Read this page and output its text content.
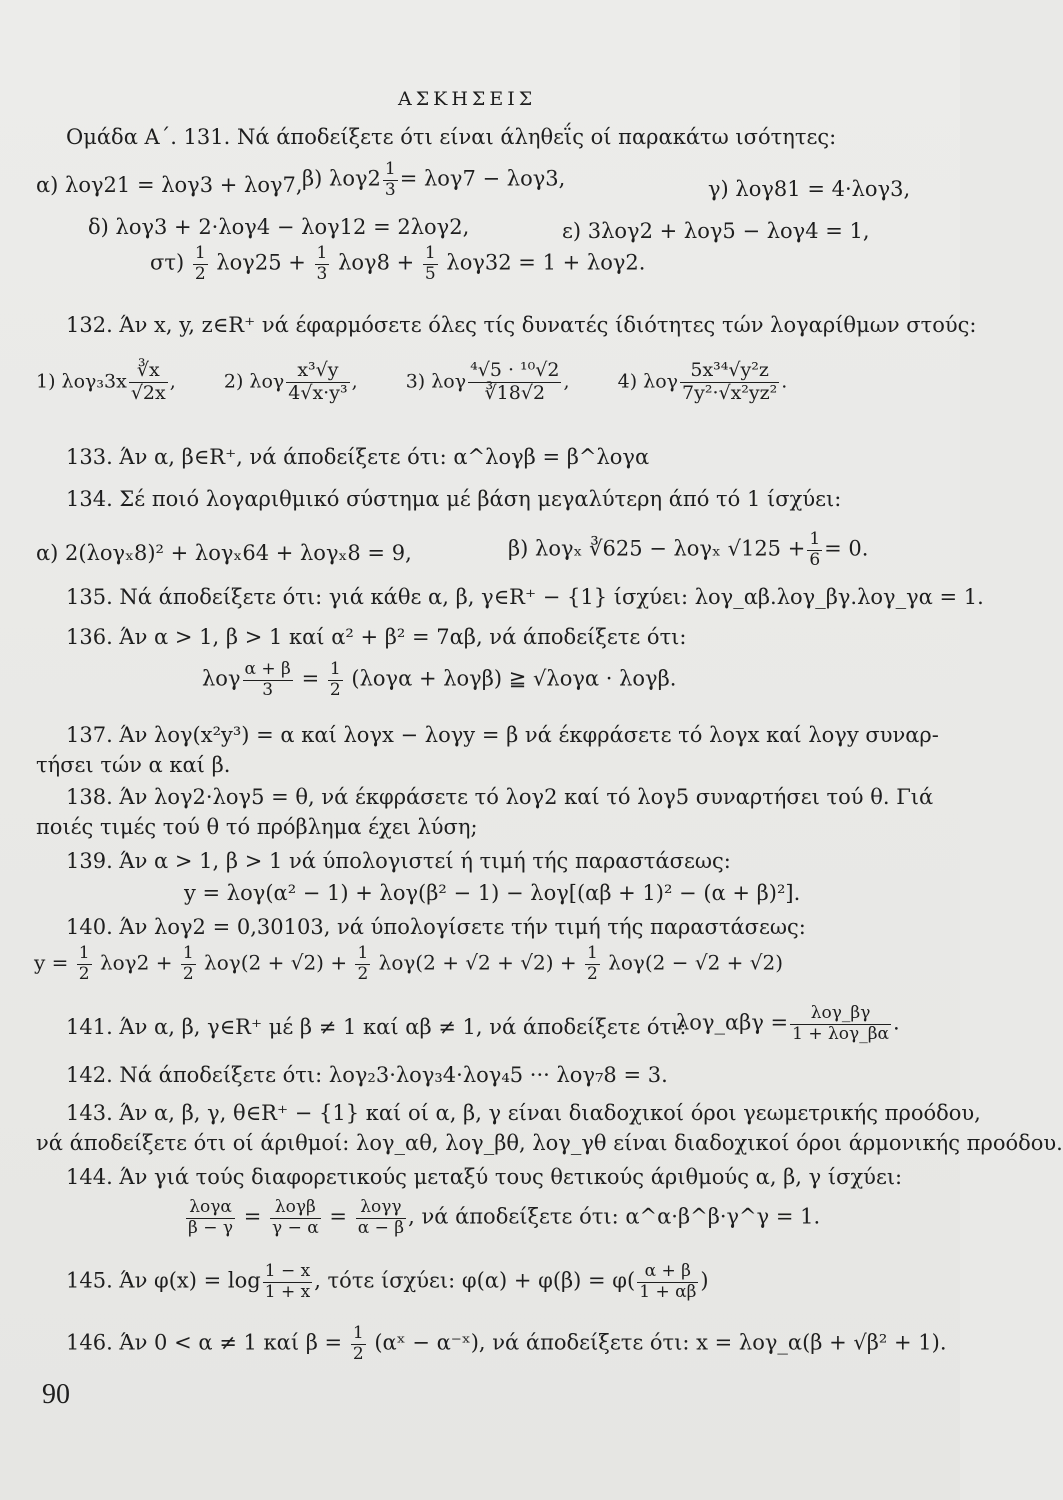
ΑΣΚΗΣΕΙΣ
Ομάδα Α΄. 131. Νά άποδείξετε ότι είναι άληθεΐς οί παρακάτω ισότητες:
α) λογ21 = λογ3 + λογ7, β) $\lambda o\gamma 2 \frac{1}{3} = \lambda o\gamma 7 - \lambda o\gamma 3$,	γ) λογ81 = 4·λογ3,
δ) λογ3 + 2·λογ4 − λογ12 = 2λογ2,	ε) 3λογ2 + λογ5 − λογ4 = 1,
$\sigma\tau) \frac{1}{2} \lambda o\gamma 25 + \frac{1}{3} \lambda o\gamma 8 + \frac{1}{5} \lambda o\gamma 32 = 1 + \lambda o\gamma 2$.
132. Άν x, y, z∈R⁺ νά έφαρμόσετε όλες τίς δυνατές ίδιότητες τών λογαρίθμων στούς:
1) $\lambda o\gamma_33x \frac{∛x}{√2x}$ ,  2) λογ $\frac{\text{x³√y}}{\text{4√x·y³}}$ ,  3) λογ $\frac{\text{⁴√5 · ¹⁰√2}}{∛18√2}$ ,  4) λογ $\frac{\text{5x³⁴√y²z}}{\text{7y²·√x²yz²}}$ .
133. Άν α, β∈R⁺, νά άποδείξετε ότι: α^λογβ = β^λογα
134. Σέ ποιό λογαριθμικό σύστημα μέ βάση μεγαλύτερη άπό τό 1 ίσχύει:
α) 2(λογₓ8)² + λογₓ64 + λογₓ8 = 9,	β) λογₓ ∛625 − λογₓ $√125 + \frac{1}{6} = 0$.
135. Νά άποδείξετε ότι: γιά κάθε α, β, γ∈R⁺ − {1} ίσχύει: λογ_αβ.λογ_βγ.λογ_γα = 1.
136. Άν α > 1, β > 1 καί α² + β² = 7αβ, νά άποδείξετε ότι:
λογ $\frac{\alpha + \beta}{3} = \frac{1}{2} (\lambda o\gamma\alpha + \lambda o\gamma\beta)$ ≧ √λογα · λογβ.
137. Άν λογ(x²y³) = α καί λογx − λογy = β νά έκφράσετε τό λογx καί λογy συναρ-
τήσει τών α καί β.
138. Άν λογ2·λογ5 = θ, νά έκφράσετε τό λογ2 καί τό λογ5 συναρτήσει τού θ. Γιά
ποιές τιμές τού θ τό πρόβλημα έχει λύση;
139. Άν α > 1, β > 1 νά ύπολογιστεί ή τιμή τής παραστάσεως:
y = λογ(α² − 1) + λογ(β² − 1) − λογ[(αβ + 1)² − (α + β)²].
140. Άν λογ2 = 0,30103, νά ύπολογίσετε τήν τιμή τής παραστάσεως:
$y = \frac{1}{2} \lambda o\gamma 2 + \frac{1}{2} \lambda o\gamma(2 + √2) + \frac{1}{2} \lambda o\gamma(2 + √2 + √2) + \frac{1}{2} \lambda o\gamma(2 - √2 + √2)$
141. Άν α, β, γ∈R⁺ μέ β ≠ 1 καί αβ ≠ 1, νά άποδείξετε ότι:
λογ_αβγ = $\frac{\text{λογ\_βγ}}{\text{1 + λογ\_βα}}$ .
142. Νά άποδείξετε ότι: λογ₂3·λογ₃4·λογ₄5 ··· λογ₇8 = 3.
143. Άν α, β, γ, θ∈R⁺ − {1} καί οί α, β, γ είναι διαδοχικοί όροι γεωμετρικής προόδου,
νά άποδείξετε ότι οί άριθμοί: λογ_αθ, λογ_βθ, λογ_γθ είναι διαδοχικοί όροι άρμονικής προόδου.
144. Άν γιά τούς διαφορετικούς μεταξύ τους θετικούς άριθμούς α, β, γ ίσχύει:
$\frac{\text{λογα}}{\beta - \gamma} = \frac{\text{λογβ}}{\gamma - \alpha} = \frac{\text{λογγ}}{\alpha - \beta}$ , νά άποδείξετε ότι: α^α·β^β·γ^γ = 1.
145. Άν $\varphi(x) = \log \frac{1 - x}{1 + x}$ , τότε ίσχύει: $\varphi(\alpha) + \varphi(\beta) = \varphi( \frac{\alpha + \beta}{1 + \alpha\beta}$ )
146. Άν 0 < α ≠ 1 καί $\beta = \frac{1}{2}$ (αˣ − α⁻ˣ), νά άποδείξετε ότι: x = λογ_α(β + √β² + 1).
90
